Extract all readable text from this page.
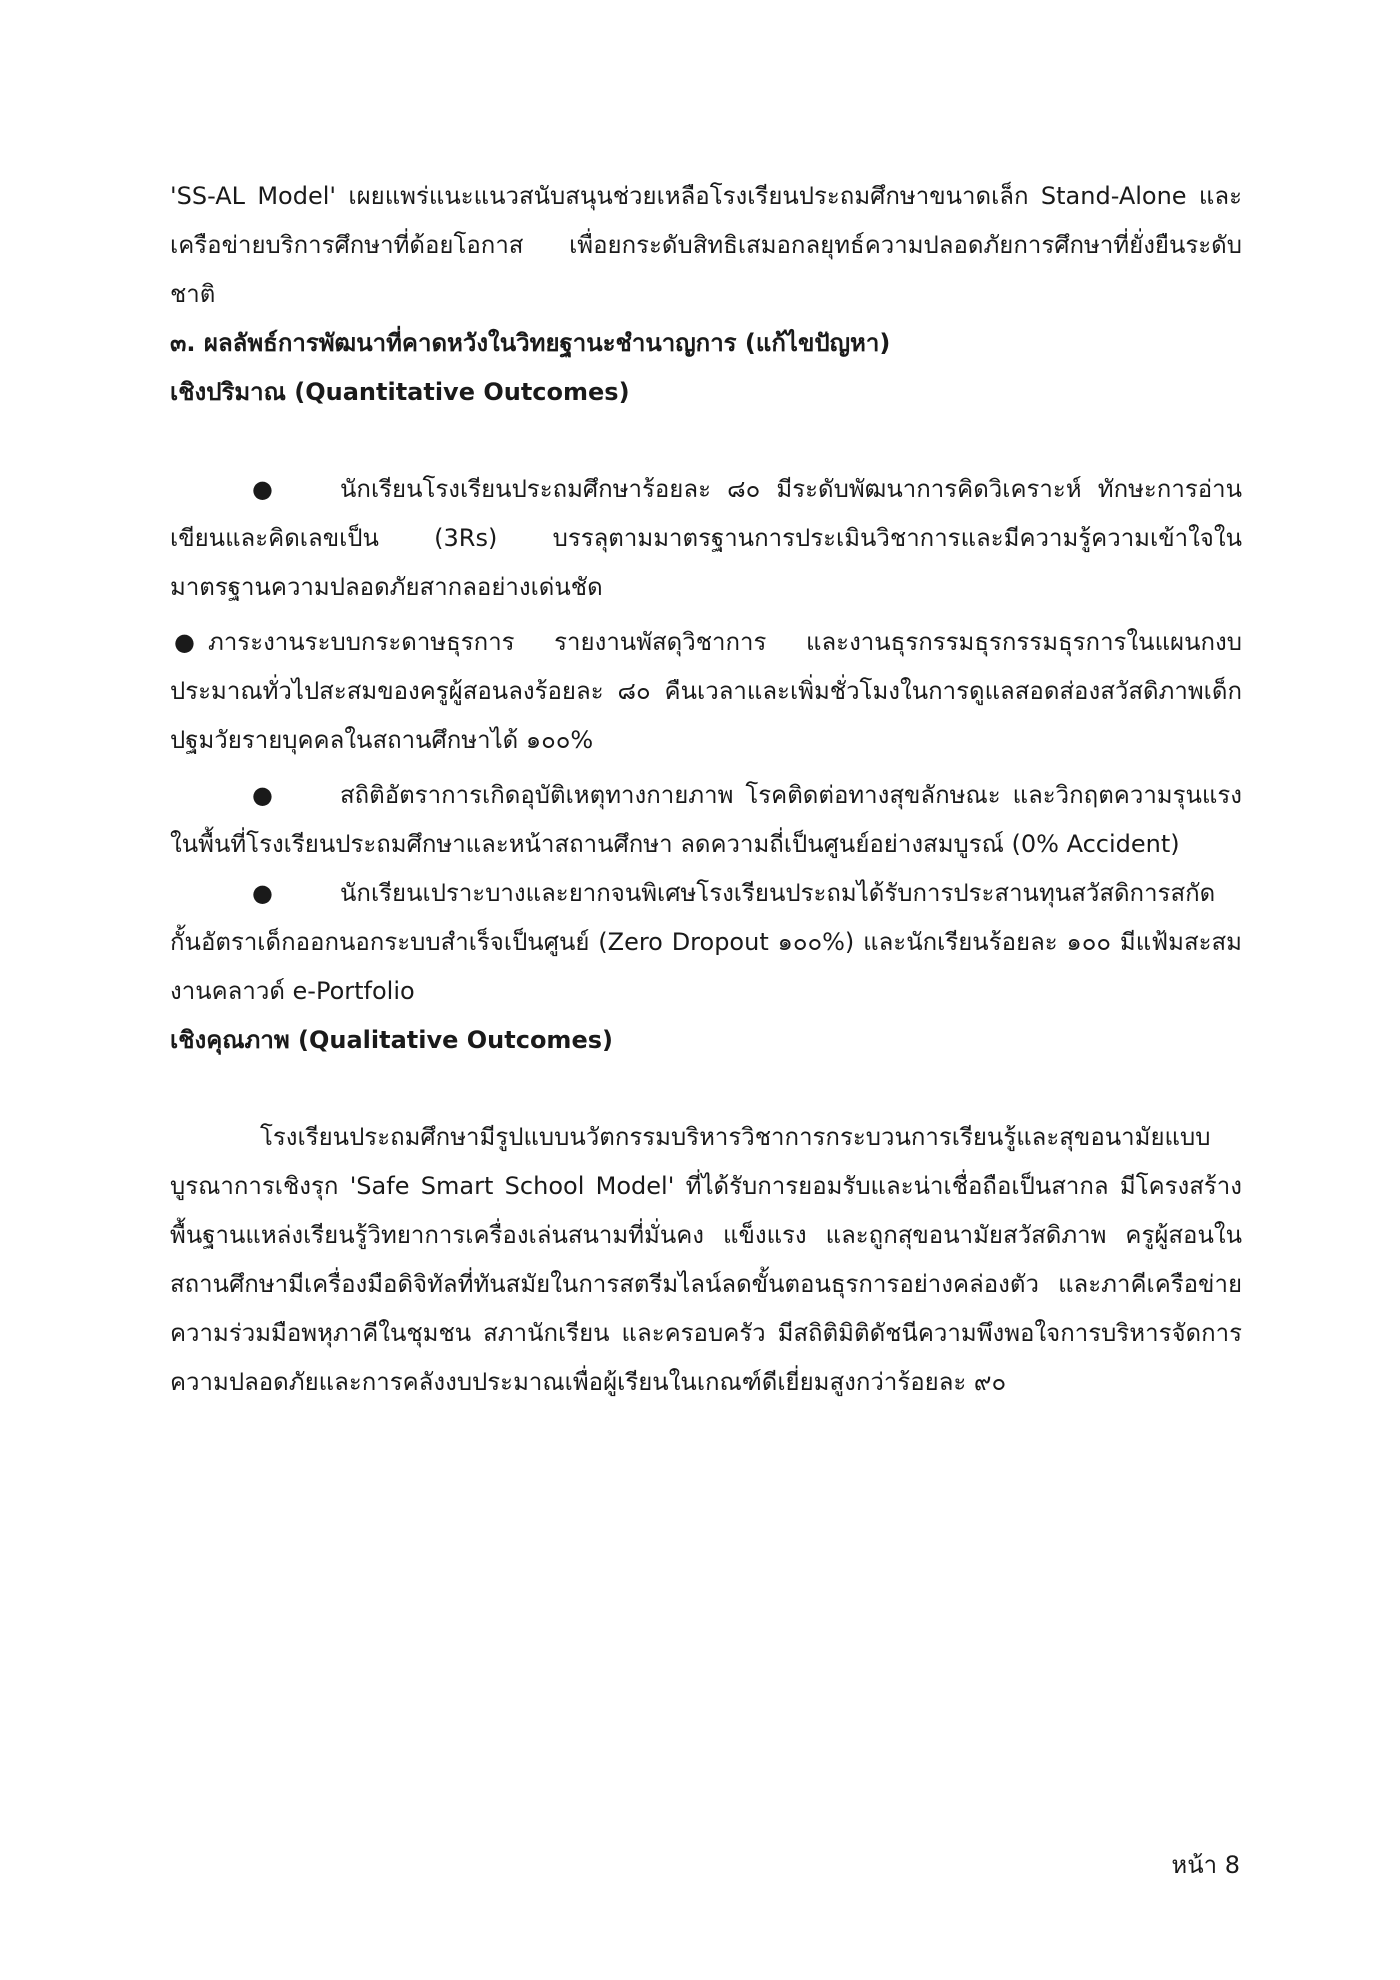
'SS-AL Model' เผยแพร่แนะแนวสนับสนุนช่วยเหลือโรงเรียนประถมศึกษาขนาดเล็ก Stand-Alone และเครือข่ายบริการศึกษาที่ด้อยโอกาส เพื่อยกระดับสิทธิเสมอกลยุทธ์ความปลอดภัยการศึกษาที่ยั่งยืนระดับชาติ

๓. ผลลัพธ์การพัฒนาที่คาดหวังในวิทยฐานะชำนาญการ (แก้ไขปัญหา)

เชิงปริมาณ (Quantitative Outcomes)

●	นักเรียนโรงเรียนประถมศึกษาร้อยละ ๘๐ มีระดับพัฒนาการคิดวิเคราะห์ ทักษะการอ่านเขียนและคิดเลขเป็น (3Rs) บรรลุตามมาตรฐานการประเมินวิชาการและมีความรู้ความเข้าใจในมาตรฐานความปลอดภัยสากลอย่างเด่นชัด

● ภาระงานระบบกระดาษธุรการ รายงานพัสดุวิชาการ และงานธุรกรรมธุรกรรมธุรการในแผนกงบประมาณทั่วไปสะสมของครูผู้สอนลงร้อยละ ๘๐ คืนเวลาและเพิ่มชั่วโมงในการดูแลสอดส่องสวัสดิภาพเด็กปฐมวัยรายบุคคลในสถานศึกษาได้ ๑๐๐%

●	สถิติอัตราการเกิดอุบัติเหตุทางกายภาพ โรคติดต่อทางสุขลักษณะ และวิกฤตความรุนแรงในพื้นที่โรงเรียนประถมศึกษาและหน้าสถานศึกษา ลดความถี่เป็นศูนย์อย่างสมบูรณ์ (0% Accident)

●	นักเรียนเปราะบางและยากจนพิเศษโรงเรียนประถมได้รับการประสานทุนสวัสดิการสกัดกั้นอัตราเด็กออกนอกระบบสำเร็จเป็นศูนย์ (Zero Dropout ๑๐๐%) และนักเรียนร้อยละ ๑๐๐ มีแฟ้มสะสมงานคลาวด์ e-Portfolio

เชิงคุณภาพ (Qualitative Outcomes)

โรงเรียนประถมศึกษามีรูปแบบนวัตกรรมบริหารวิชาการกระบวนการเรียนรู้และสุขอนามัยแบบบูรณาการเชิงรุก 'Safe Smart School Model' ที่ได้รับการยอมรับและน่าเชื่อถือเป็นสากล มีโครงสร้างพื้นฐานแหล่งเรียนรู้วิทยาการเครื่องเล่นสนามที่มั่นคง แข็งแรง และถูกสุขอนามัยสวัสดิภาพ ครูผู้สอนในสถานศึกษามีเครื่องมือดิจิทัลที่ทันสมัยในการสตรีมไลน์ลดขั้นตอนธุรการอย่างคล่องตัว และภาคีเครือข่ายความร่วมมือพหุภาคีในชุมชน สภานักเรียน และครอบครัว มีสถิติมิติดัชนีความพึงพอใจการบริหารจัดการความปลอดภัยและการคลังงบประมาณเพื่อผู้เรียนในเกณฑ์ดีเยี่ยมสูงกว่าร้อยละ ๙๐

หน้า 8
